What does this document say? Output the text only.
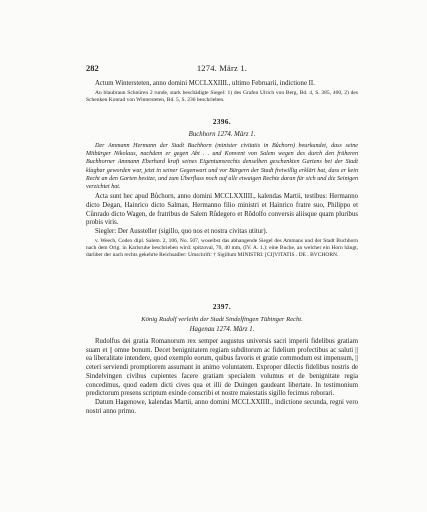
282	1274. März 1.

Actum Wintersteten, anno domini MCCLXXIIII., ultimo Februarii, indictione II.

An blaubraun Schnüren 2 runde, stark beschädigte Siegel: 1) des Grafen Ulrich von Berg, Bd. 4, S. 385, 400, 2) des Schenken Konrad von Wintersteten, Bd. 5, S. 236 beschrieben.

2396.

Buchhorn 1274. März 1.

Der Ammann Hermann der Stadt Buchhorn (minister civitatis in Bůchorn) beurkundet, dass seine Mitbürger Nikolaus, nachdem er gegen Abt . . und Konvent von Salem wegen des durch den früheren Buchhorner Ammann Eberhard kraft seines Eigentumsrechts denselben geschenkten Gartens bei der Stadt klagbar geworden war, jetzt in seiner Gegenwart und vor Bürgern der Stadt freiwillig erklärt hat, dass er kein Recht an den Garten besitze, und zum Überfluss noch auf alle etwaigen Rechte daran für sich und die Seinigen verzichtet hat.

Acta sunt hec apud Bůchorn, anno domini MCCLXXIIII., kalendas Martii, testibus: Hermanno dicto Degan, Hainrico dicto Salman, Hermanno filio ministri et Hainrico fratre suo, Philippo et Cůnrado dicto Wagen, de fratribus de Salem Růdegero et Rŏdolfo conversis aliisque quam pluribus probis viris.

Siegler: Der Aussteller (sigillo, quo nos et nostra civitas utitur).

v. Weech, Codex dipl. Salem. 2, 106, No. 507, woselbst das abhangende Siegel des Ammans und der Stadt Buchhorn nach dem Orig. in Karlsruhe beschrieben wird: spitzoval, 70, 40 mm, (IV. A. 1.): eine Buche, an welcher ein Horn hängt, darüber der nach rechts gekehrte Reichsadler: Umschrift: † Sigillum MINISTRI: [CI]VITATIS . DE . BVCHORN.

2397.

König Rudolf verleiht der Stadt Sindelfingen Tübinger Recht.

Hagenau 1274. März 1.

Rudolfus dei gratia Romanorum rex semper augustus universis sacri imperii fidelibus gratiam suam et || omne bonum. Decet benignitatem regiam subditorum ac fidelium profectibus ac saluti || ea liberalitate intendere, quod exemplo eorum, quibus favoris et gratie commodum est impensum, || ceteri serviendi promptiorem assumant in animo voluntatem. Exproper dilectis fidelibus nostris de Sindelvingen civibus cupientes facere gratiam specialem volumus et de benignitate regia concedimus, quod eadem dicti cives qua et illi de Duingen gaudeant libertate. In testimonium predictorum presens scriptum exinde conscribi et nostre maiestatis sigillo fecimus roborari.

Datum Hagenowe, kalendas Martii, anno domini MCCLXXIIII., indictione secunda, regni vero nostri anno primo.
